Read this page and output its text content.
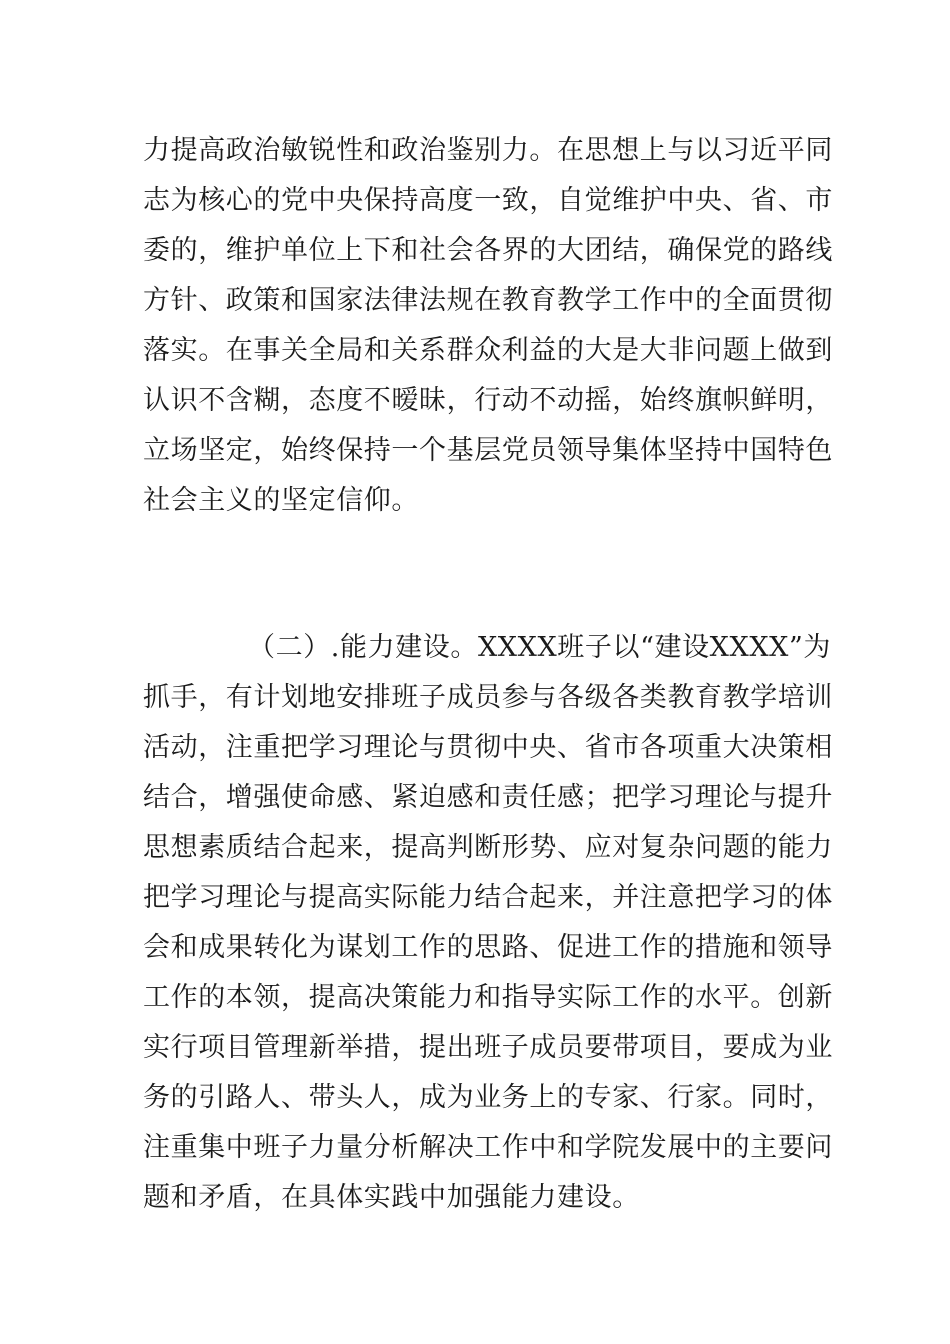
力提高政治敏锐性和政治鉴别力。在思想上与以习近平同
志为核心的党中央保持高度一致，自觉维护中央、省、市
委的，维护单位上下和社会各界的大团结，确保党的路线
方针、政策和国家法律法规在教育教学工作中的全面贯彻
落实。在事关全局和关系群众利益的大是大非问题上做到
认识不含糊，态度不暧昧，行动不动摇，始终旗帜鲜明，
立场坚定，始终保持一个基层党员领导集体坚持中国特色
社会主义的坚定信仰。
（二）.能力建设。XXXX班子以“建设XXXX”为
抓手，有计划地安排班子成员参与各级各类教育教学培训
活动，注重把学习理论与贯彻中央、省市各项重大决策相
结合，增强使命感、紧迫感和责任感；把学习理论与提升
思想素质结合起来，提高判断形势、应对复杂问题的能力
把学习理论与提高实际能力结合起来，并注意把学习的体
会和成果转化为谋划工作的思路、促进工作的措施和领导
工作的本领，提高决策能力和指导实际工作的水平。创新
实行项目管理新举措，提出班子成员要带项目，要成为业
务的引路人、带头人，成为业务上的专家、行家。同时，
注重集中班子力量分析解决工作中和学院发展中的主要问
题和矛盾，在具体实践中加强能力建设。
